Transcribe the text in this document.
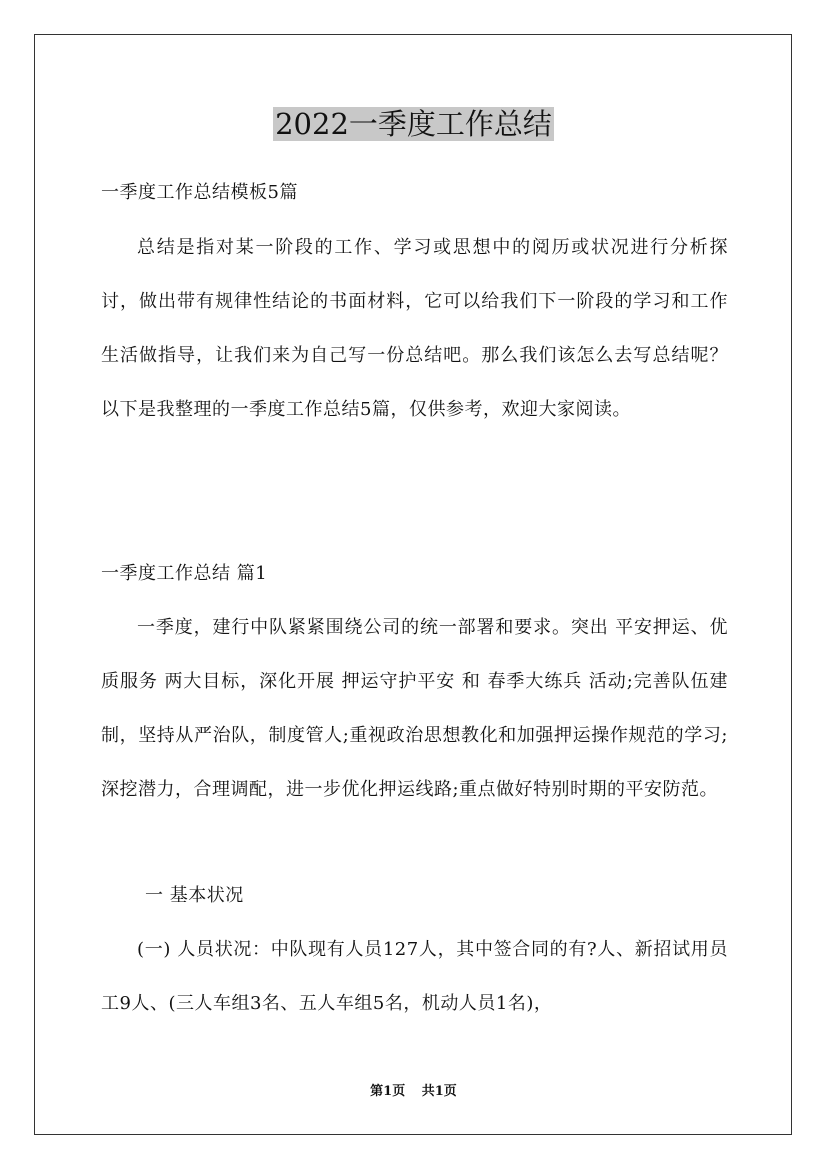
2022一季度工作总结
一季度工作总结模板5篇

总结是指对某一阶段的工作、学习或思想中的阅历或状况进行分析探讨，做出带有规律性结论的书面材料，它可以给我们下一阶段的学习和工作生活做指导，让我们来为自己写一份总结吧。那么我们该怎么去写总结呢？以下是我整理的一季度工作总结5篇，仅供参考，欢迎大家阅读。

一季度工作总结 篇1

一季度，建行中队紧紧围绕公司的统一部署和要求。突出 平安押运、优质服务 两大目标，深化开展 押运守护平安 和 春季大练兵 活动;完善队伍建制，坚持从严治队，制度管人;重视政治思想教化和加强押运操作规范的学习;深挖潜力，合理调配，进一步优化押运线路;重点做好特别时期的平安防范。

一 基本状况

(一) 人员状况：中队现有人员127人，其中签合同的有?人、新招试用员工9人、(三人车组3名、五人车组5名，机动人员1名)，

第1页 共1页
